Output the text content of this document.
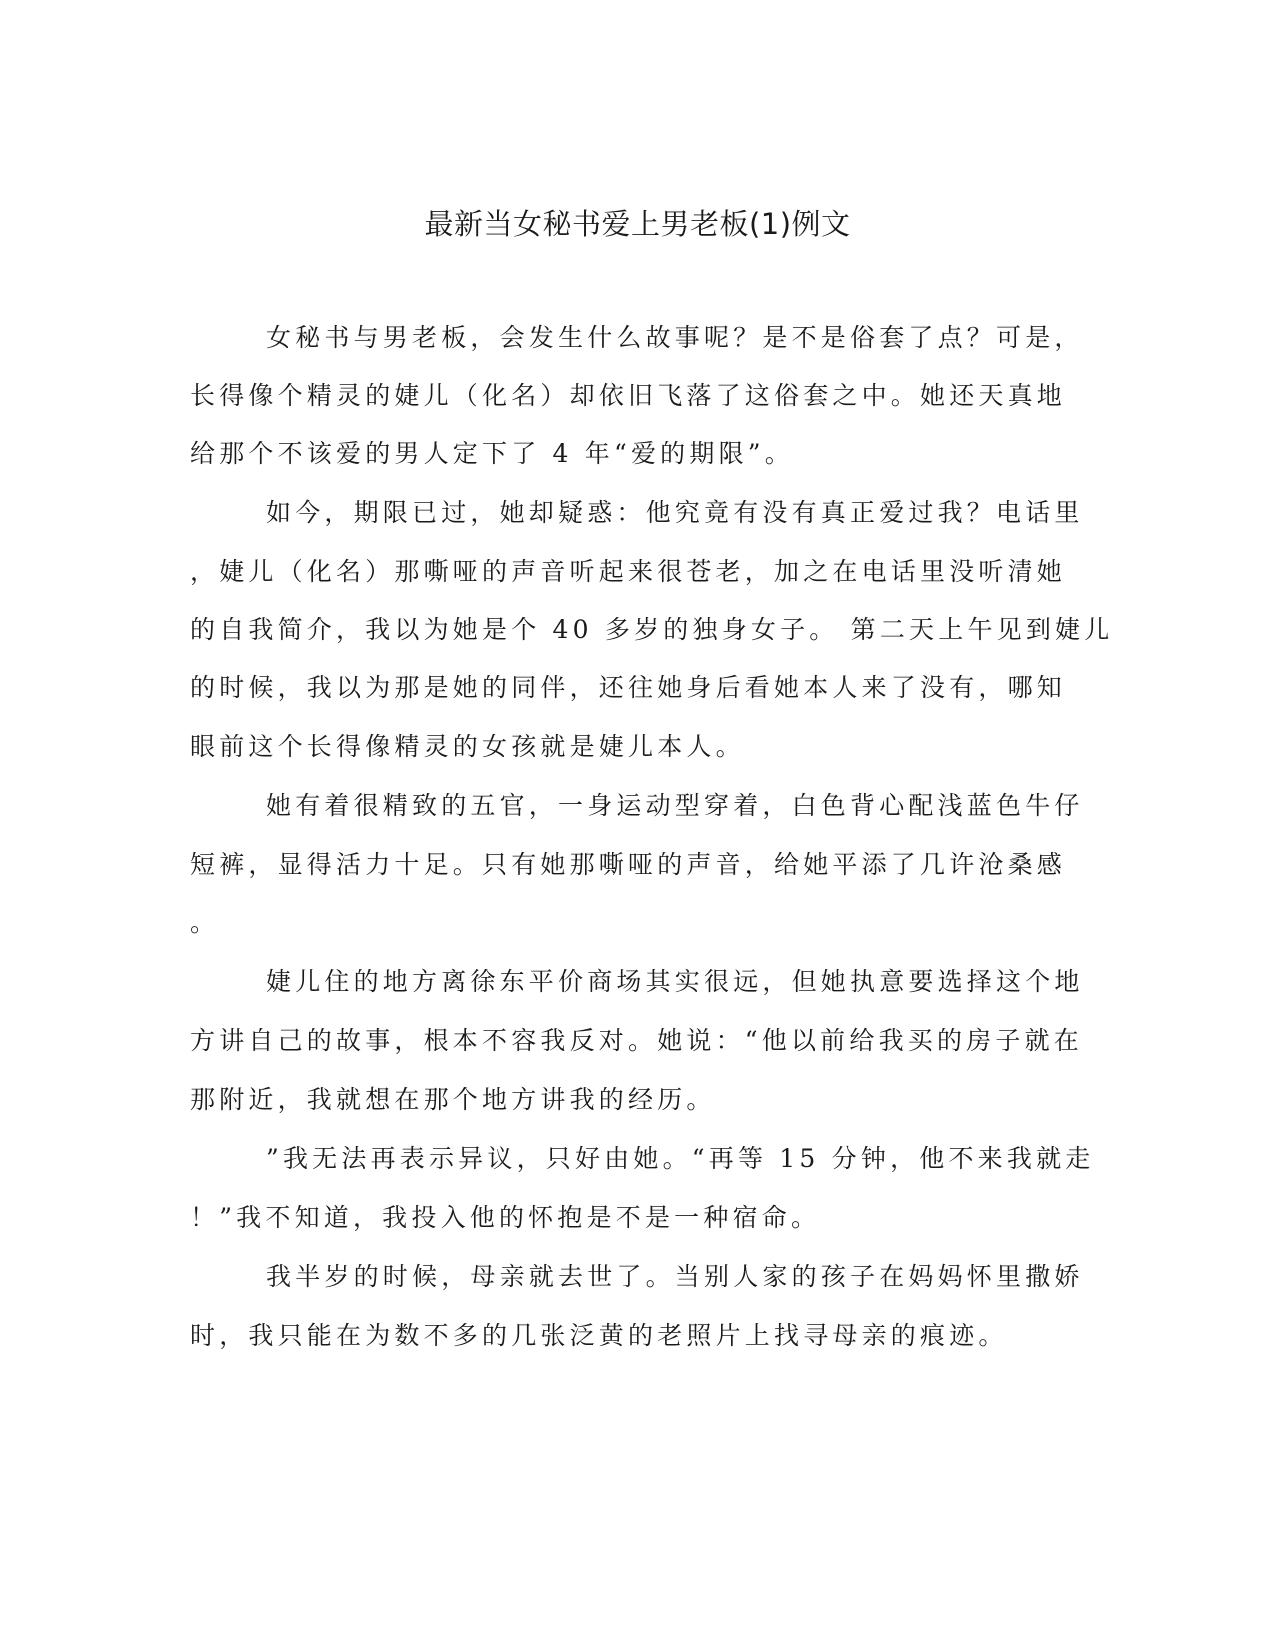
最新当女秘书爱上男老板(1)例文

女秘书与男老板，会发生什么故事呢？是不是俗套了点？可是，

长得像个精灵的婕儿（化名）却依旧飞落了这俗套之中。她还天真地

给那个不该爱的男人定下了 4 年“爱的期限”。

如今，期限已过，她却疑惑：他究竟有没有真正爱过我？电话里

，婕儿（化名）那嘶哑的声音听起来很苍老，加之在电话里没听清她

的自我简介，我以为她是个 40 多岁的独身女子。 第二天上午见到婕儿

的时候，我以为那是她的同伴，还往她身后看她本人来了没有，哪知

眼前这个长得像精灵的女孩就是婕儿本人。

她有着很精致的五官，一身运动型穿着，白色背心配浅蓝色牛仔

短裤，显得活力十足。只有她那嘶哑的声音，给她平添了几许沧桑感

。

婕儿住的地方离徐东平价商场其实很远，但她执意要选择这个地

方讲自己的故事，根本不容我反对。她说：“他以前给我买的房子就在

那附近，我就想在那个地方讲我的经历。

”我无法再表示异议，只好由她。“再等 15 分钟，他不来我就走

！”我不知道，我投入他的怀抱是不是一种宿命。

我半岁的时候，母亲就去世了。当别人家的孩子在妈妈怀里撒娇

时，我只能在为数不多的几张泛黄的老照片上找寻母亲的痕迹。
